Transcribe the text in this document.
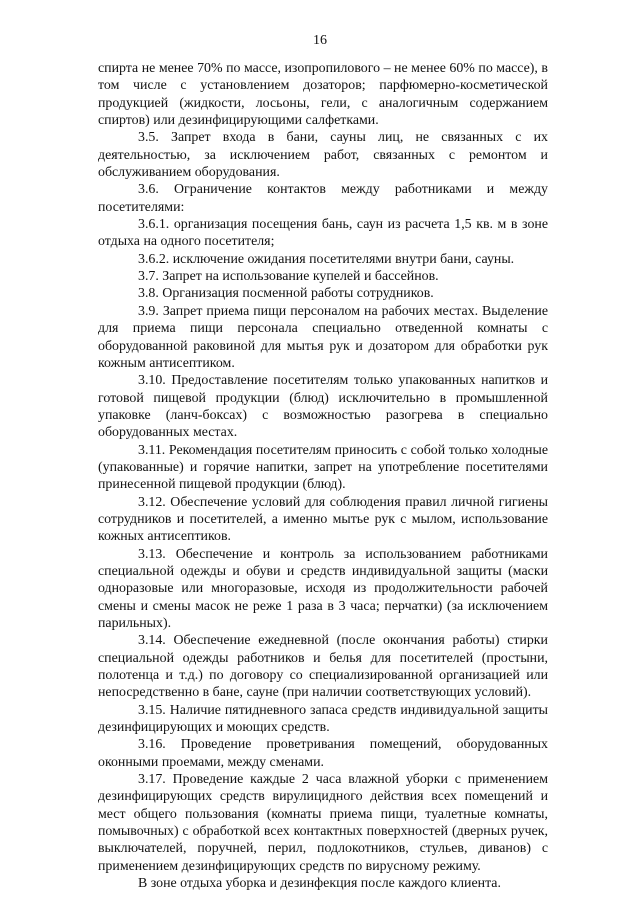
16

спирта не менее 70% по массе, изопропилового – не менее 60% по массе), в том числе с установлением дозаторов; парфюмерно-косметической продукцией (жидкости, лосьоны, гели, с аналогичным содержанием спиртов) или дезинфицирующими салфетками.

3.5. Запрет входа в бани, сауны лиц, не связанных с их деятельностью, за исключением работ, связанных с ремонтом и обслуживанием оборудования.

3.6. Ограничение контактов между работниками и между посетителями:

3.6.1. организация посещения бань, саун из расчета 1,5 кв. м в зоне отдыха на одного посетителя;

3.6.2. исключение ожидания посетителями внутри бани, сауны.

3.7. Запрет на использование купелей и бассейнов.

3.8. Организация посменной работы сотрудников.

3.9. Запрет приема пищи персоналом на рабочих местах. Выделение для приема пищи персонала специально отведенной комнаты с оборудованной раковиной для мытья рук и дозатором для обработки рук кожным антисептиком.

3.10. Предоставление посетителям только упакованных напитков и готовой пищевой продукции (блюд) исключительно в промышленной упаковке (ланч-боксах) с возможностью разогрева в специально оборудованных местах.

3.11. Рекомендация посетителям приносить с собой только холодные (упакованные) и горячие напитки, запрет на употребление посетителями принесенной пищевой продукции (блюд).

3.12. Обеспечение условий для соблюдения правил личной гигиены сотрудников и посетителей, а именно мытье рук с мылом, использование кожных антисептиков.

3.13. Обеспечение и контроль за использованием работниками специальной одежды и обуви и средств индивидуальной защиты (маски одноразовые или многоразовые, исходя из продолжительности рабочей смены и смены масок не реже 1 раза в 3 часа; перчатки) (за исключением парильных).

3.14. Обеспечение ежедневной (после окончания работы) стирки специальной одежды работников и белья для посетителей (простыни, полотенца и т.д.) по договору со специализированной организацией или непосредственно в бане, сауне (при наличии соответствующих условий).

3.15. Наличие пятидневного запаса средств индивидуальной защиты дезинфицирующих и моющих средств.

3.16. Проведение проветривания помещений, оборудованных оконными проемами, между сменами.

3.17. Проведение каждые 2 часа влажной уборки с применением дезинфицирующих средств вирулицидного действия всех помещений и мест общего пользования (комнаты приема пищи, туалетные комнаты, помывочных) с обработкой всех контактных поверхностей (дверных ручек, выключателей, поручней, перил, подлокотников, стульев, диванов) с применением дезинфицирующих средств по вирусному режиму.

В зоне отдыха уборка и дезинфекция после каждого клиента.
